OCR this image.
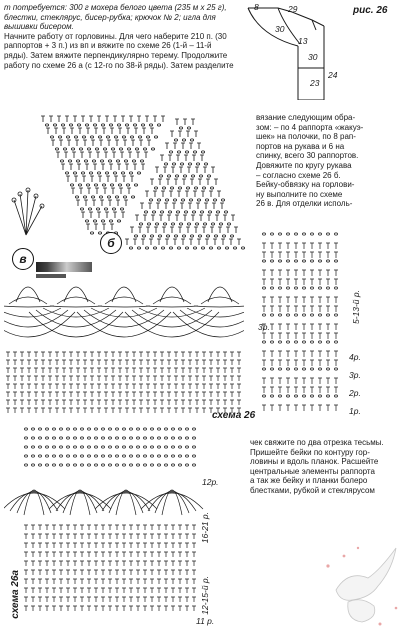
т потребуется: 300 г мохера белого цвета (235 м х 25 г),
блестки, стеклярус, бисер-рубка; крючок № 2; игла для
вышивки бисером.
Начните работу от горловины. Для чего наберите 210 п. (30
раппортов + 3 п.) из вп и вяжите по схеме 26 (1-й – 11-й
ряды). Затем вяжите перпендикулярно терему. Продолжите
работу по схеме 26 а (с 12-го по 38-й ряды). Затем разделите
рис. 26
8	29
30
23
24
30
13
вязание следующим обра-
зом: – по 4 раппорта «жакуэ-
шек» на полочки, по 8 рап-
портов на рукава и 6 на
спинку, всего 30 раппортов.
Довяжите по кругу рукава
– согласно схеме 26 б.
Бейку-обвязку на горлови-
ну выполните по схеме
26 в. Для отделки исполь-
чек свяжите по два отрезка тесьмы.
Пришейте бейки по контуру гор-
ловины и вдоль планок. Расшейте
центральные элементы раппорта
а так же бейку и планки болеро
блестками, рубкой и стеклярусом
б
в
схема 26
5-13-й р.
3р.
4р.
3р.
2р.
1р.
12р.
16-21 р.
12-15-й р.
11 р.
схема 26а
